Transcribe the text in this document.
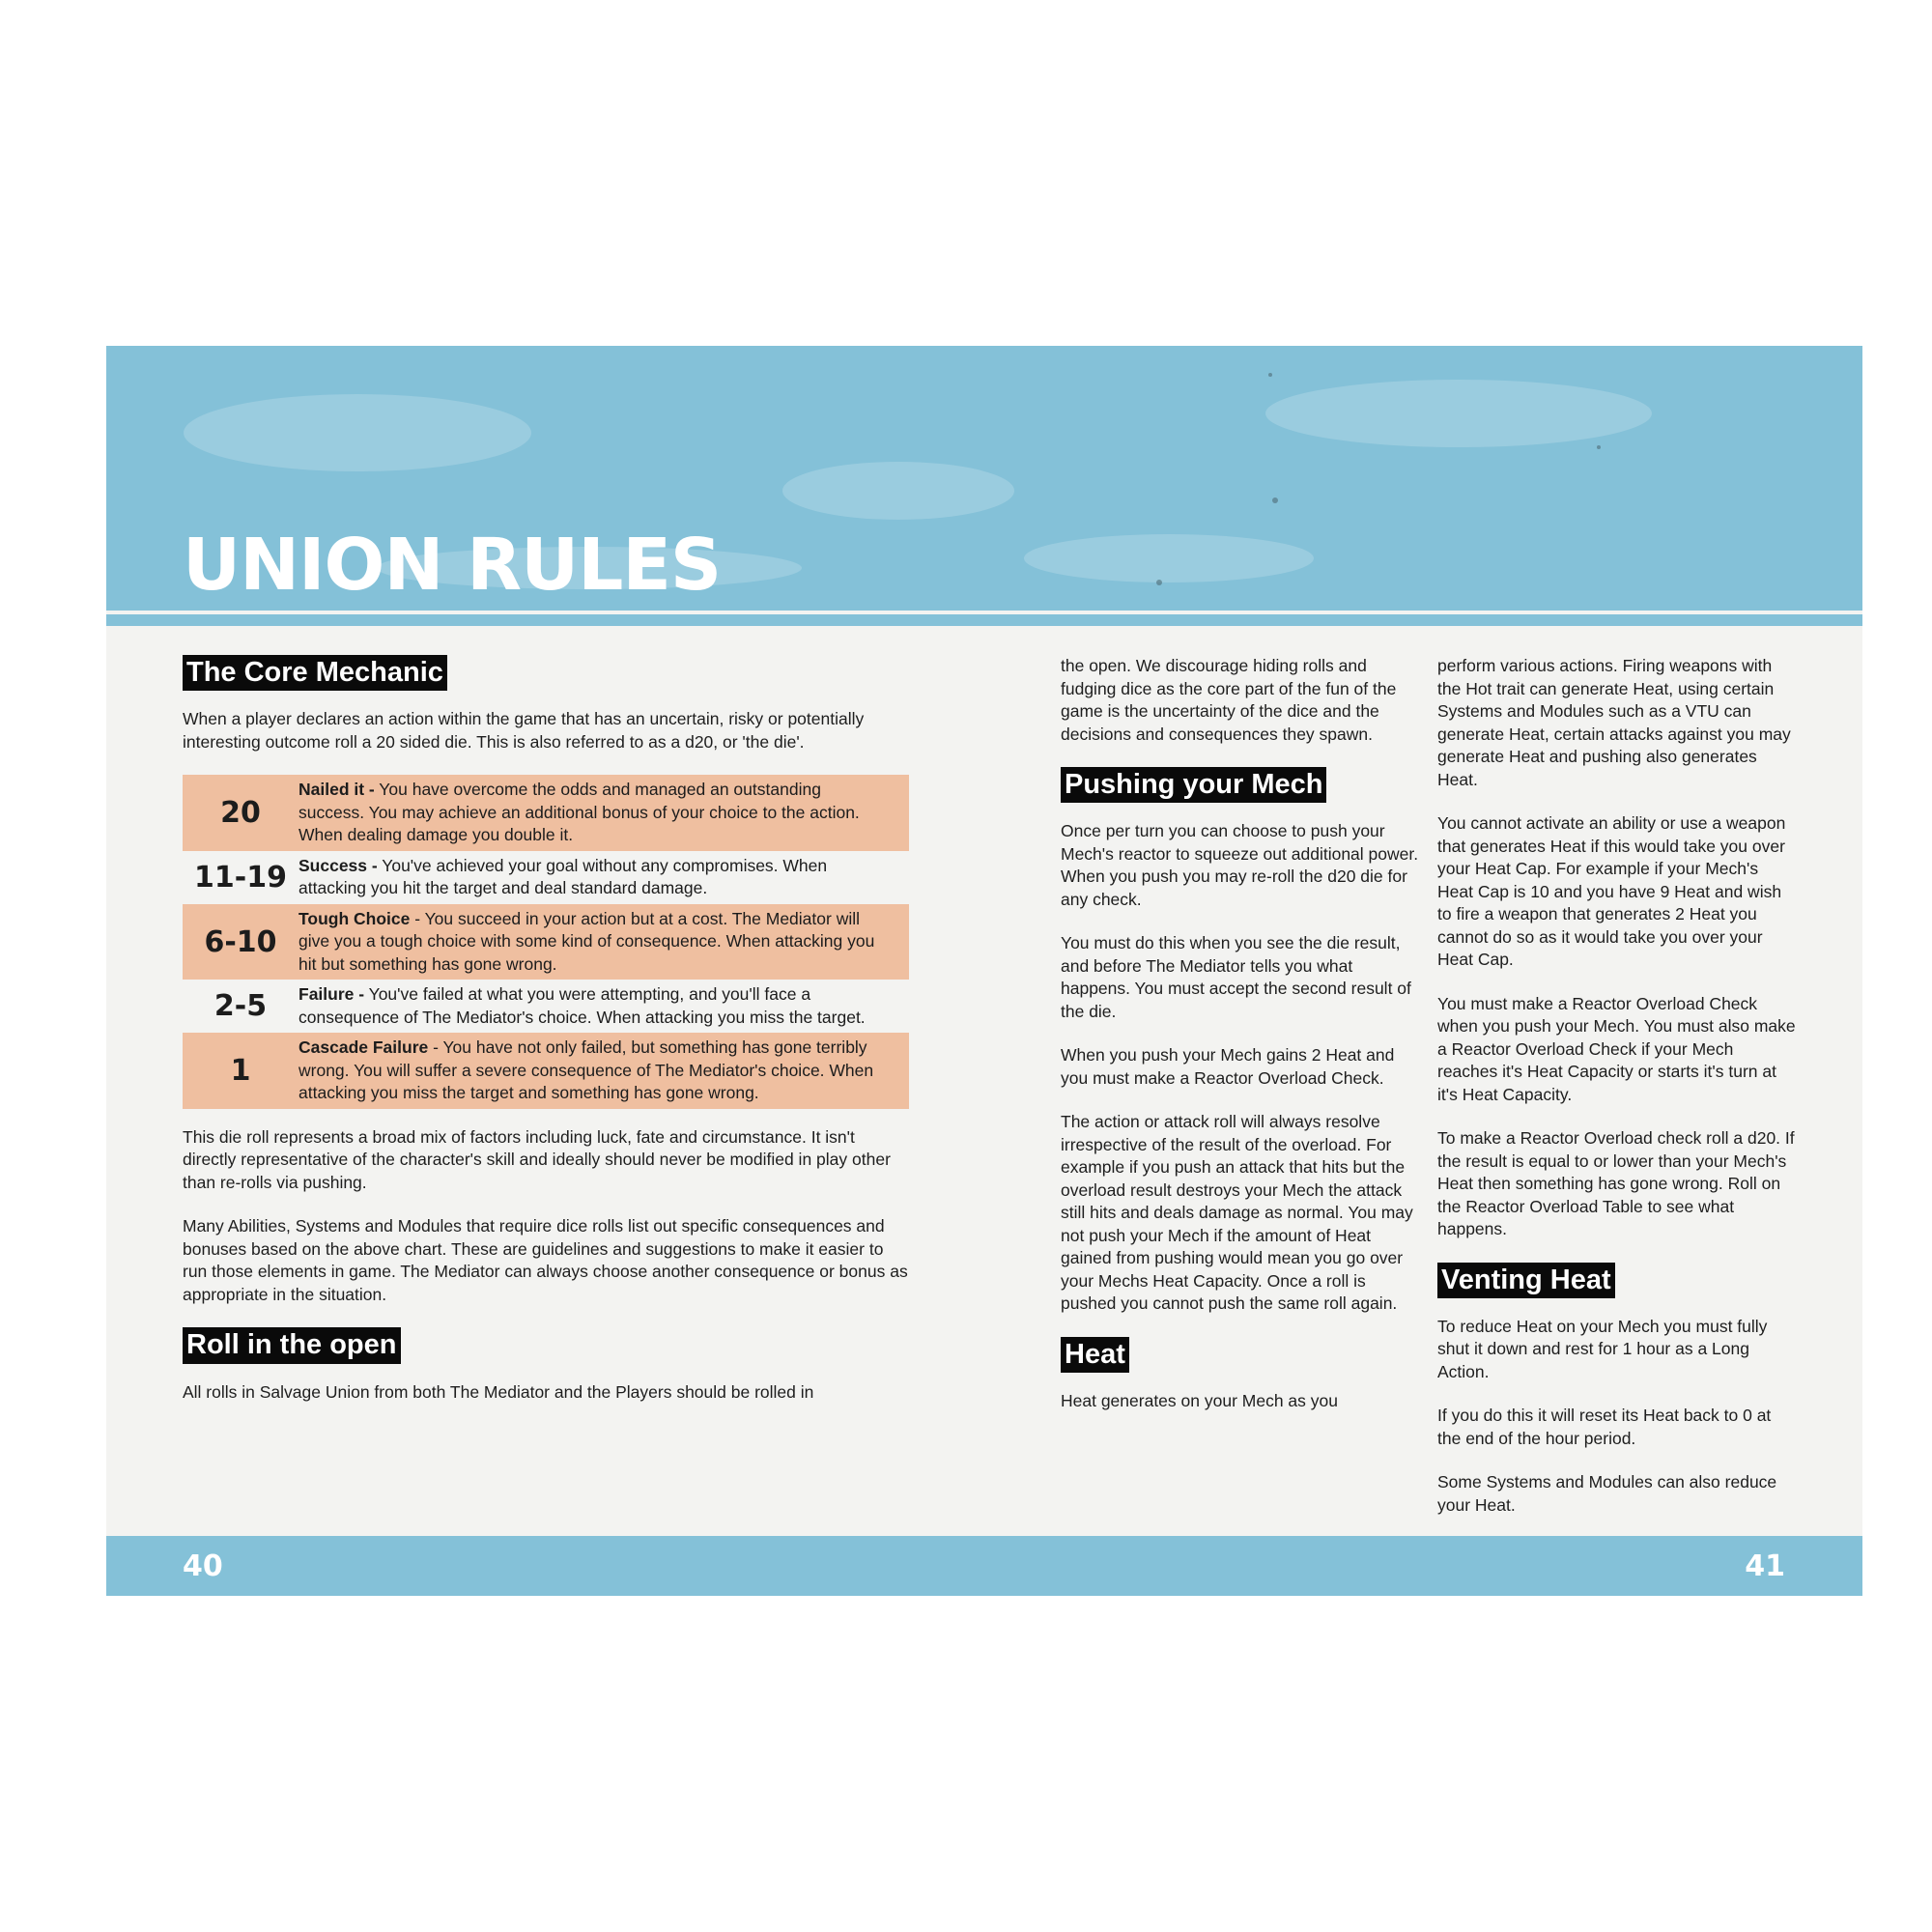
UNION RULES
The Core Mechanic

When a player declares an action within the game that has an uncertain, risky or potentially interesting outcome roll a 20 sided die. This is also referred to as a d20, or 'the die'.

20
Nailed it - You have overcome the odds and managed an outstanding success. You may achieve an additional bonus of your choice to the action. When dealing damage you double it.
11-19 Success - You've achieved your goal without any compromises. When attacking you hit the target and deal standard damage.
6-10
Tough Choice - You succeed in your action but at a cost. The Mediator will give you a tough choice with some kind of consequence. When attacking you hit but something has gone wrong.
2-5	Failure - You've failed at what you were attempting, and you'll face a consequence of The Mediator's choice. When attacking you miss the target.
1
Cascade Failure - You have not only failed, but something has gone terribly wrong. You will suffer a severe consequence of The Mediator's choice. When attacking you miss the target and something has gone wrong.

This die roll represents a broad mix of factors including luck, fate and circumstance. It isn't directly representative of the character's skill and ideally should never be modified in play other than re-rolls via pushing.

Many Abilities, Systems and Modules that require dice rolls list out specific consequences and bonuses based on the above chart. These are guidelines and suggestions to make it easier to run those elements in game. The Mediator can always choose another consequence or bonus as appropriate in the situation.

Roll in the open

All rolls in Salvage Union from both The Mediator and the Players should be rolled in

the open. We discourage hiding rolls and fudging dice as the core part of the fun of the game is the uncertainty of the dice and the decisions and consequences they spawn.

Pushing your Mech

Once per turn you can choose to push your Mech's reactor to squeeze out additional power. When you push you may re-roll the d20 die for any check.

You must do this when you see the die result, and before The Mediator tells you what happens. You must accept the second result of the die.

When you push your Mech gains 2 Heat and you must make a Reactor Overload Check.

The action or attack roll will always resolve irrespective of the result of the overload. For example if you push an attack that hits but the overload result destroys your Mech the attack still hits and deals damage as normal. You may not push your Mech if the amount of Heat gained from pushing would mean you go over your Mechs Heat Capacity. Once a roll is pushed you cannot push the same roll again.

Heat

Heat generates on your Mech as you

perform various actions. Firing weapons with the Hot trait can generate Heat, using certain Systems and Modules such as a VTU can generate Heat, certain attacks against you may generate Heat and pushing also generates Heat.

You cannot activate an ability or use a weapon that generates Heat if this would take you over your Heat Cap. For example if your Mech's Heat Cap is 10 and you have 9 Heat and wish to fire a weapon that generates 2 Heat you cannot do so as it would take you over your Heat Cap.

You must make a Reactor Overload Check when you push your Mech. You must also make a Reactor Overload Check if your Mech reaches it's Heat Capacity or starts it's turn at it's Heat Capacity.

To make a Reactor Overload check roll a d20. If the result is equal to or lower than your Mech's Heat then something has gone wrong. Roll on the Reactor Overload Table to see what happens.

Venting Heat

To reduce Heat on your Mech you must fully shut it down and rest for 1 hour as a Long Action.

If you do this it will reset its Heat back to 0 at the end of the hour period.

Some Systems and Modules can also reduce your Heat.

40	41
